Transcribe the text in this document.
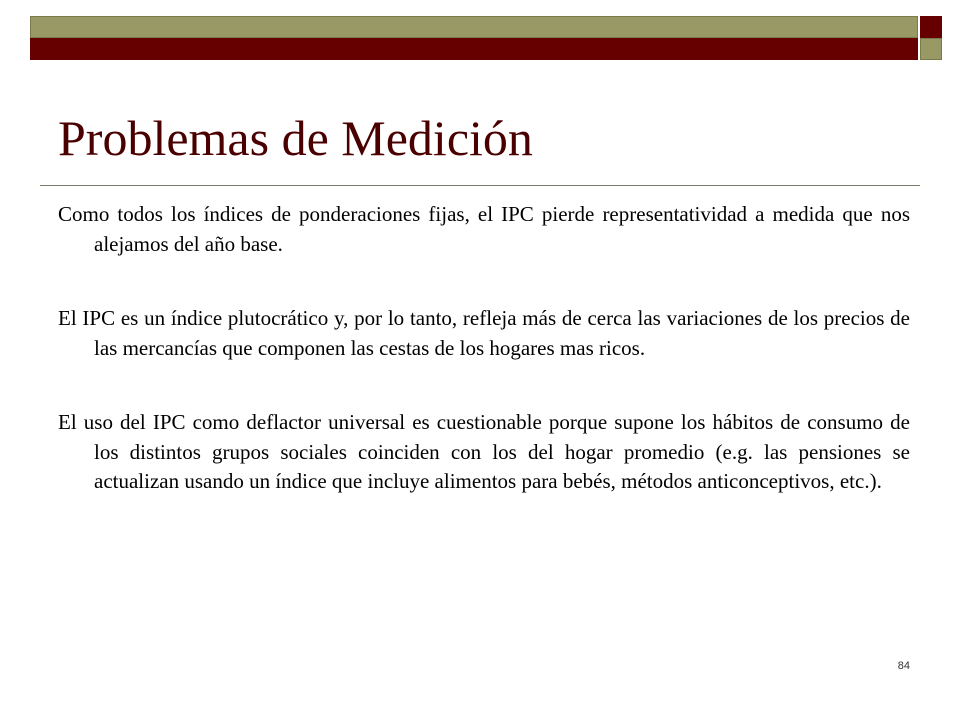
Problemas de Medición

Como todos los índices de ponderaciones fijas, el IPC pierde representatividad a medida que nos alejamos del año base.

El IPC es un índice plutocrático y, por lo tanto, refleja más de cerca las variaciones de los precios de las mercancías que componen las cestas de los hogares mas ricos.

El uso del IPC como deflactor universal es cuestionable porque supone los hábitos de consumo de los distintos grupos sociales coinciden con los del hogar promedio (e.g. las pensiones se actualizan usando un índice que incluye alimentos para bebés, métodos anticonceptivos, etc.).

84
